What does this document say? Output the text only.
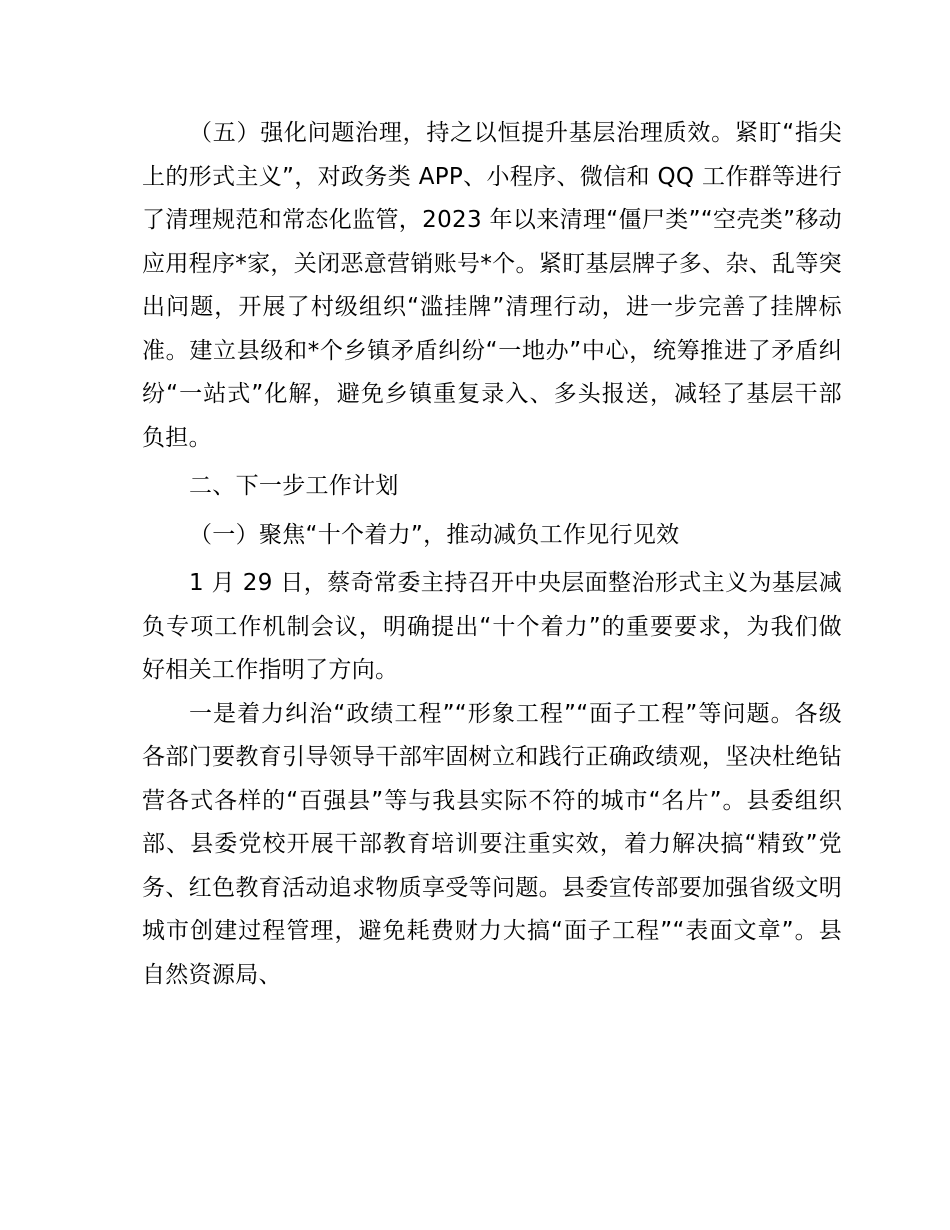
（五）强化问题治理，持之以恒提升基层治理质效。紧盯“指尖上的形式主义”，对政务类 APP、小程序、微信和 QQ 工作群等进行了清理规范和常态化监管，2023 年以来清理“僵尸类”“空壳类”移动应用程序*家，关闭恶意营销账号*个。紧盯基层牌子多、杂、乱等突出问题，开展了村级组织“滥挂牌”清理行动，进一步完善了挂牌标准。建立县级和*个乡镇矛盾纠纷“一地办”中心，统筹推进了矛盾纠纷“一站式”化解，避免乡镇重复录入、多头报送，减轻了基层干部负担。

二、下一步工作计划

（一）聚焦“十个着力”，推动减负工作见行见效

1 月 29 日，蔡奇常委主持召开中央层面整治形式主义为基层减负专项工作机制会议，明确提出“十个着力”的重要要求，为我们做好相关工作指明了方向。

一是着力纠治“政绩工程”“形象工程”“面子工程”等问题。各级各部门要教育引导领导干部牢固树立和践行正确政绩观，坚决杜绝钻营各式各样的“百强县”等与我县实际不符的城市“名片”。县委组织部、县委党校开展干部教育培训要注重实效，着力解决搞“精致”党务、红色教育活动追求物质享受等问题。县委宣传部要加强省级文明城市创建过程管理，避免耗费财力大搞“面子工程”“表面文章”。县自然资源局、
